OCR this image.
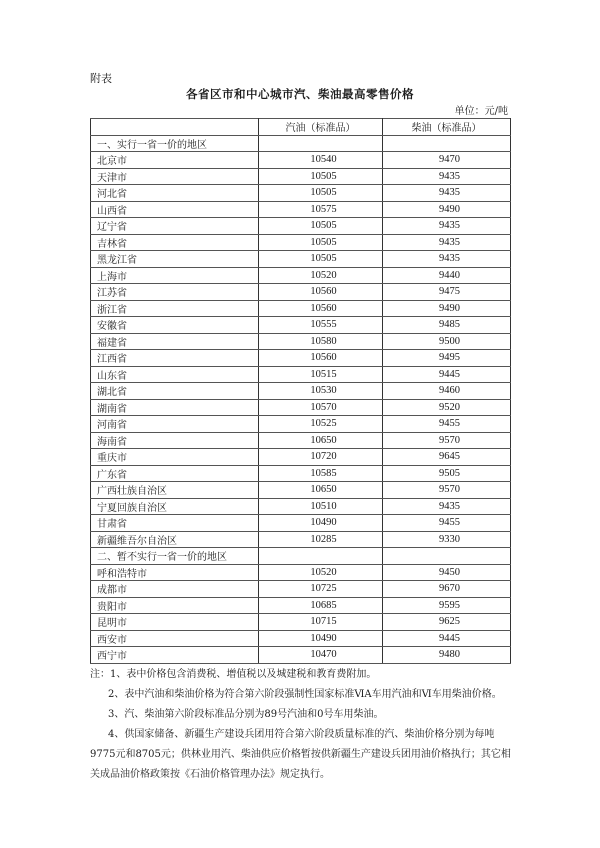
附表
各省区市和中心城市汽、柴油最高零售价格
单位：元/吨
	汽油（标准品）	柴油（标准品）
一、实行一省一价的地区		
北京市	10540	9470
天津市	10505	9435
河北省	10505	9435
山西省	10575	9490
辽宁省	10505	9435
吉林省	10505	9435
黑龙江省	10505	9435
上海市	10520	9440
江苏省	10560	9475
浙江省	10560	9490
安徽省	10555	9485
福建省	10580	9500
江西省	10560	9495
山东省	10515	9445
湖北省	10530	9460
湖南省	10570	9520
河南省	10525	9455
海南省	10650	9570
重庆市	10720	9645
广东省	10585	9505
广西壮族自治区	10650	9570
宁夏回族自治区	10510	9435
甘肃省	10490	9455
新疆维吾尔自治区	10285	9330
二、暂不实行一省一价的地区		
呼和浩特市	10520	9450
成都市	10725	9670
贵阳市	10685	9595
昆明市	10715	9625
西安市	10490	9445
西宁市	10470	9480

注：1、表中价格包含消费税、增值税以及城建税和教育费附加。

2、表中汽油和柴油价格为符合第六阶段强制性国家标准ⅥA车用汽油和Ⅵ车用柴油价格。

3、汽、柴油第六阶段标准品分别为89号汽油和0号车用柴油。

4、供国家储备、新疆生产建设兵团用符合第六阶段质量标准的汽、柴油价格分别为每吨9775元和8705元；供林业用汽、柴油供应价格暂按供新疆生产建设兵团用油价格执行；其它相关成品油价格政策按《石油价格管理办法》规定执行。
